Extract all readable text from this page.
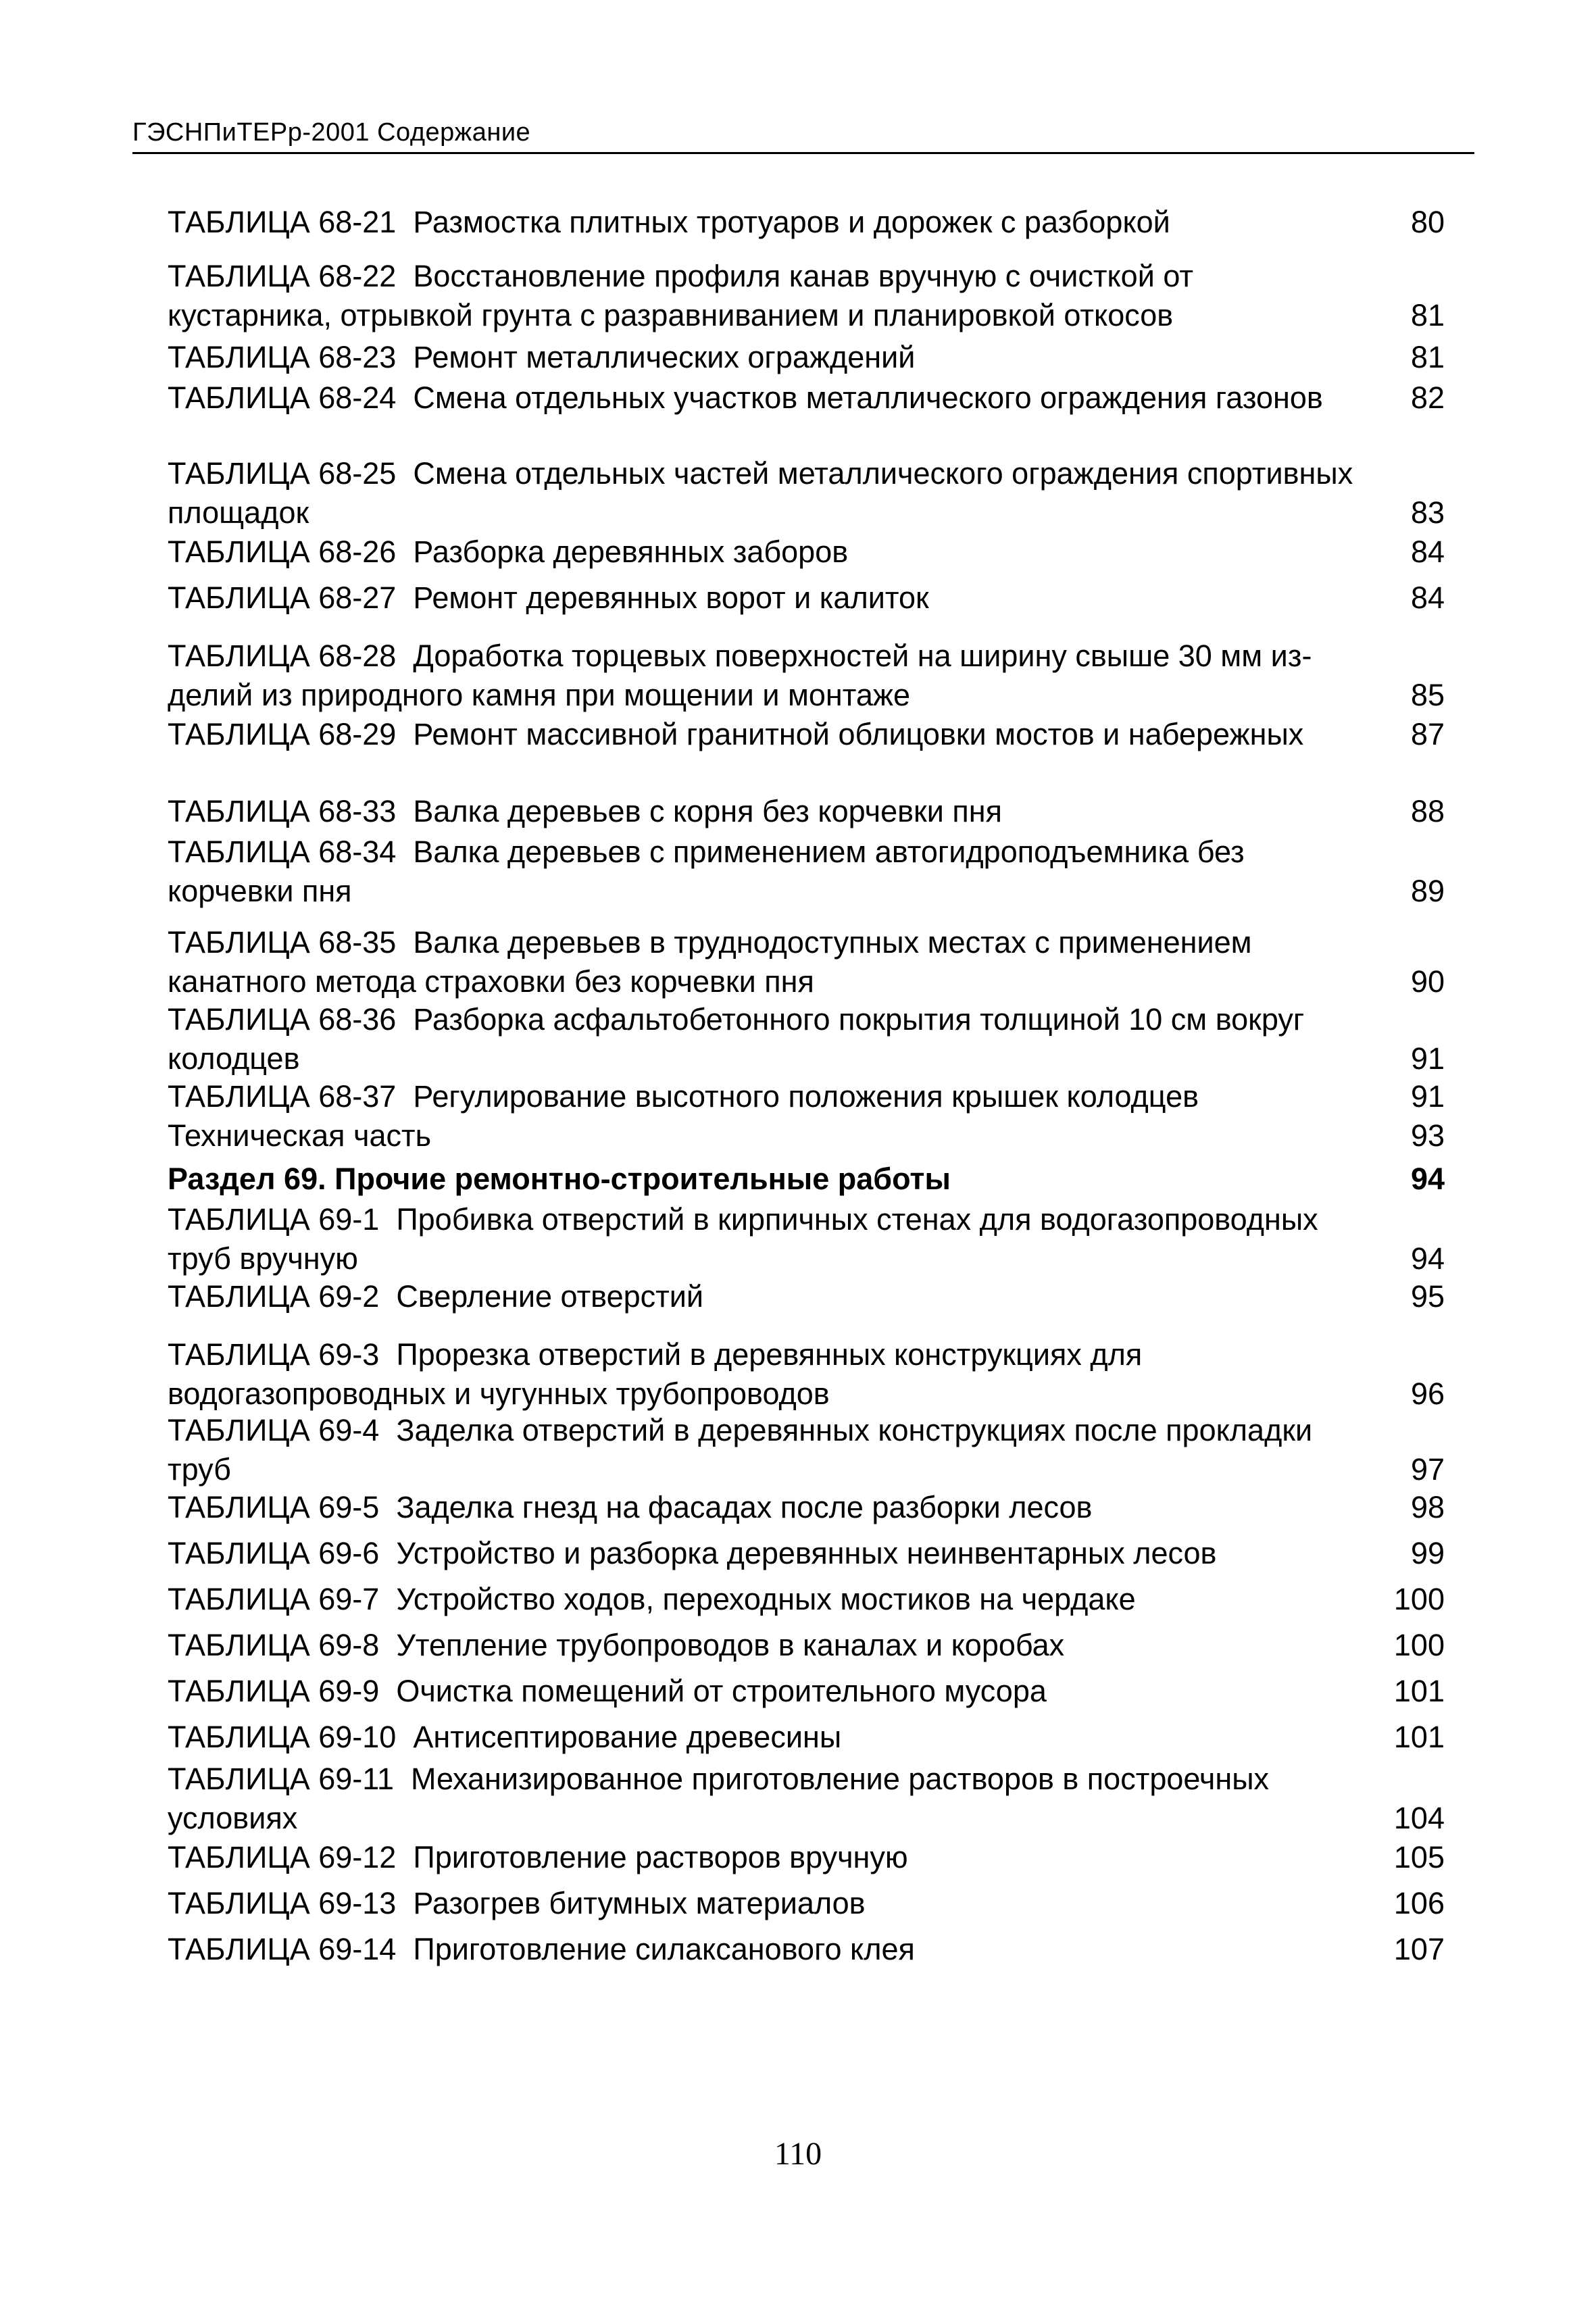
ГЭСНПиТЕРр-2001 Содержание
ТАБЛИЦА 68-21 Размостка плитных тротуаров и дорожек с разборкой	80
ТАБЛИЦА 68-22 Восстановление профиля канав вручную с очисткой от кустарника, отрывкой грунта с разравниванием и планировкой откосов	81
ТАБЛИЦА 68-23 Ремонт металлических ограждений	81
ТАБЛИЦА 68-24 Смена отдельных участков металлического ограждения газонов	82
ТАБЛИЦА 68-25 Смена отдельных частей металлического ограждения спортивных площадок	83
ТАБЛИЦА 68-26 Разборка деревянных заборов	84
ТАБЛИЦА 68-27 Ремонт деревянных ворот и калиток	84
ТАБЛИЦА 68-28 Доработка торцевых поверхностей на ширину свыше 30 мм из-делий из природного камня при мощении и монтаже	85
ТАБЛИЦА 68-29 Ремонт массивной гранитной облицовки мостов и набережных	87
ТАБЛИЦА 68-33 Валка деревьев с корня без корчевки пня	88
ТАБЛИЦА 68-34 Валка деревьев с применением автогидроподъемника без корчевки пня	89
ТАБЛИЦА 68-35 Валка деревьев в труднодоступных местах с применением канатного метода страховки без корчевки пня	90
ТАБЛИЦА 68-36 Разборка асфальтобетонного покрытия толщиной 10 см вокруг колодцев	91
ТАБЛИЦА 68-37 Регулирование высотного положения крышек колодцев	91
Техническая часть	93
Раздел 69. Прочие ремонтно-строительные работы	94
ТАБЛИЦА 69-1 Пробивка отверстий в кирпичных стенах для водогазопроводных труб вручную	94
ТАБЛИЦА 69-2 Сверление отверстий	95
ТАБЛИЦА 69-3 Прорезка отверстий в деревянных конструкциях для водогазопроводных и чугунных трубопроводов	96
ТАБЛИЦА 69-4 Заделка отверстий в деревянных конструкциях после прокладки труб	97
ТАБЛИЦА 69-5 Заделка гнезд на фасадах после разборки лесов	98
ТАБЛИЦА 69-6 Устройство и разборка деревянных неинвентарных лесов	99
ТАБЛИЦА 69-7 Устройство ходов, переходных мостиков на чердаке	100
ТАБЛИЦА 69-8 Утепление трубопроводов в каналах и коробах	100
ТАБЛИЦА 69-9 Очистка помещений от строительного мусора	101
ТАБЛИЦА 69-10 Антисептирование древесины	101
ТАБЛИЦА 69-11 Механизированное приготовление растворов в построечных условиях	104
ТАБЛИЦА 69-12 Приготовление растворов вручную	105
ТАБЛИЦА 69-13 Разогрев битумных материалов	106
ТАБЛИЦА 69-14 Приготовление силаксанового клея	107
110
